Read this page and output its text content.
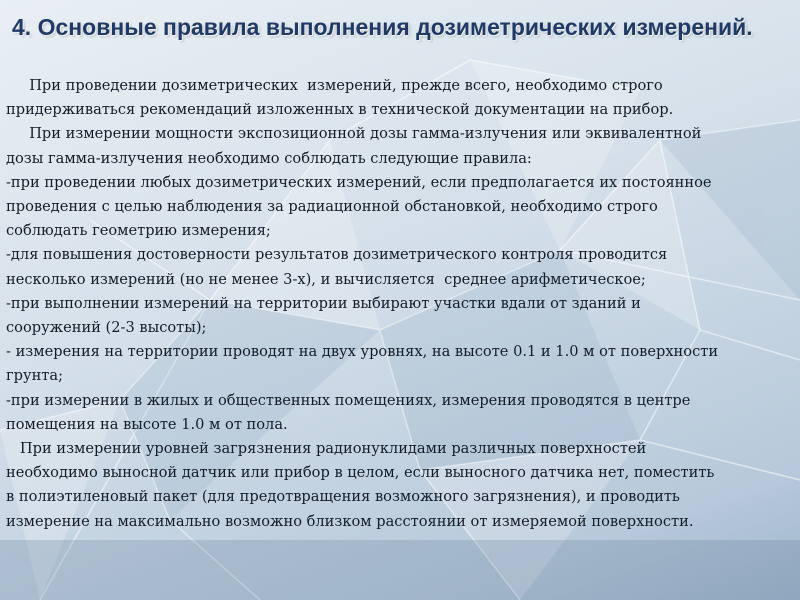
4. Основные правила выполнения дозиметрических измерений.

При проведении дозиметрических  измерений, прежде всего, необходимо строго

придерживаться рекомендаций изложенных в технической документации на прибор.

При измерении мощности экспозиционной дозы гамма-излучения или эквивалентной

дозы гамма-излучения необходимо соблюдать следующие правила:

-при проведении любых дозиметрических измерений, если предполагается их постоянное

проведения с целью наблюдения за радиационной обстановкой, необходимо строго

соблюдать геометрию измерения;

-для повышения достоверности результатов дозиметрического контроля проводится

несколько измерений (но не менее 3-х), и вычисляется  среднее арифметическое;

-при выполнении измерений на территории выбирают участки вдали от зданий и

сооружений (2-3 высоты);

- измерения на территории проводят на двух уровнях, на высоте 0.1 и 1.0 м от поверхности

грунта;

-при измерении в жилых и общественных помещениях, измерения проводятся в центре

помещения на высоте 1.0 м от пола.

При измерении уровней загрязнения радионуклидами различных поверхностей

необходимо выносной датчик или прибор в целом, если выносного датчика нет, поместить

в полиэтиленовый пакет (для предотвращения возможного загрязнения), и проводить

измерение на максимально возможно близком расстоянии от измеряемой поверхности.
